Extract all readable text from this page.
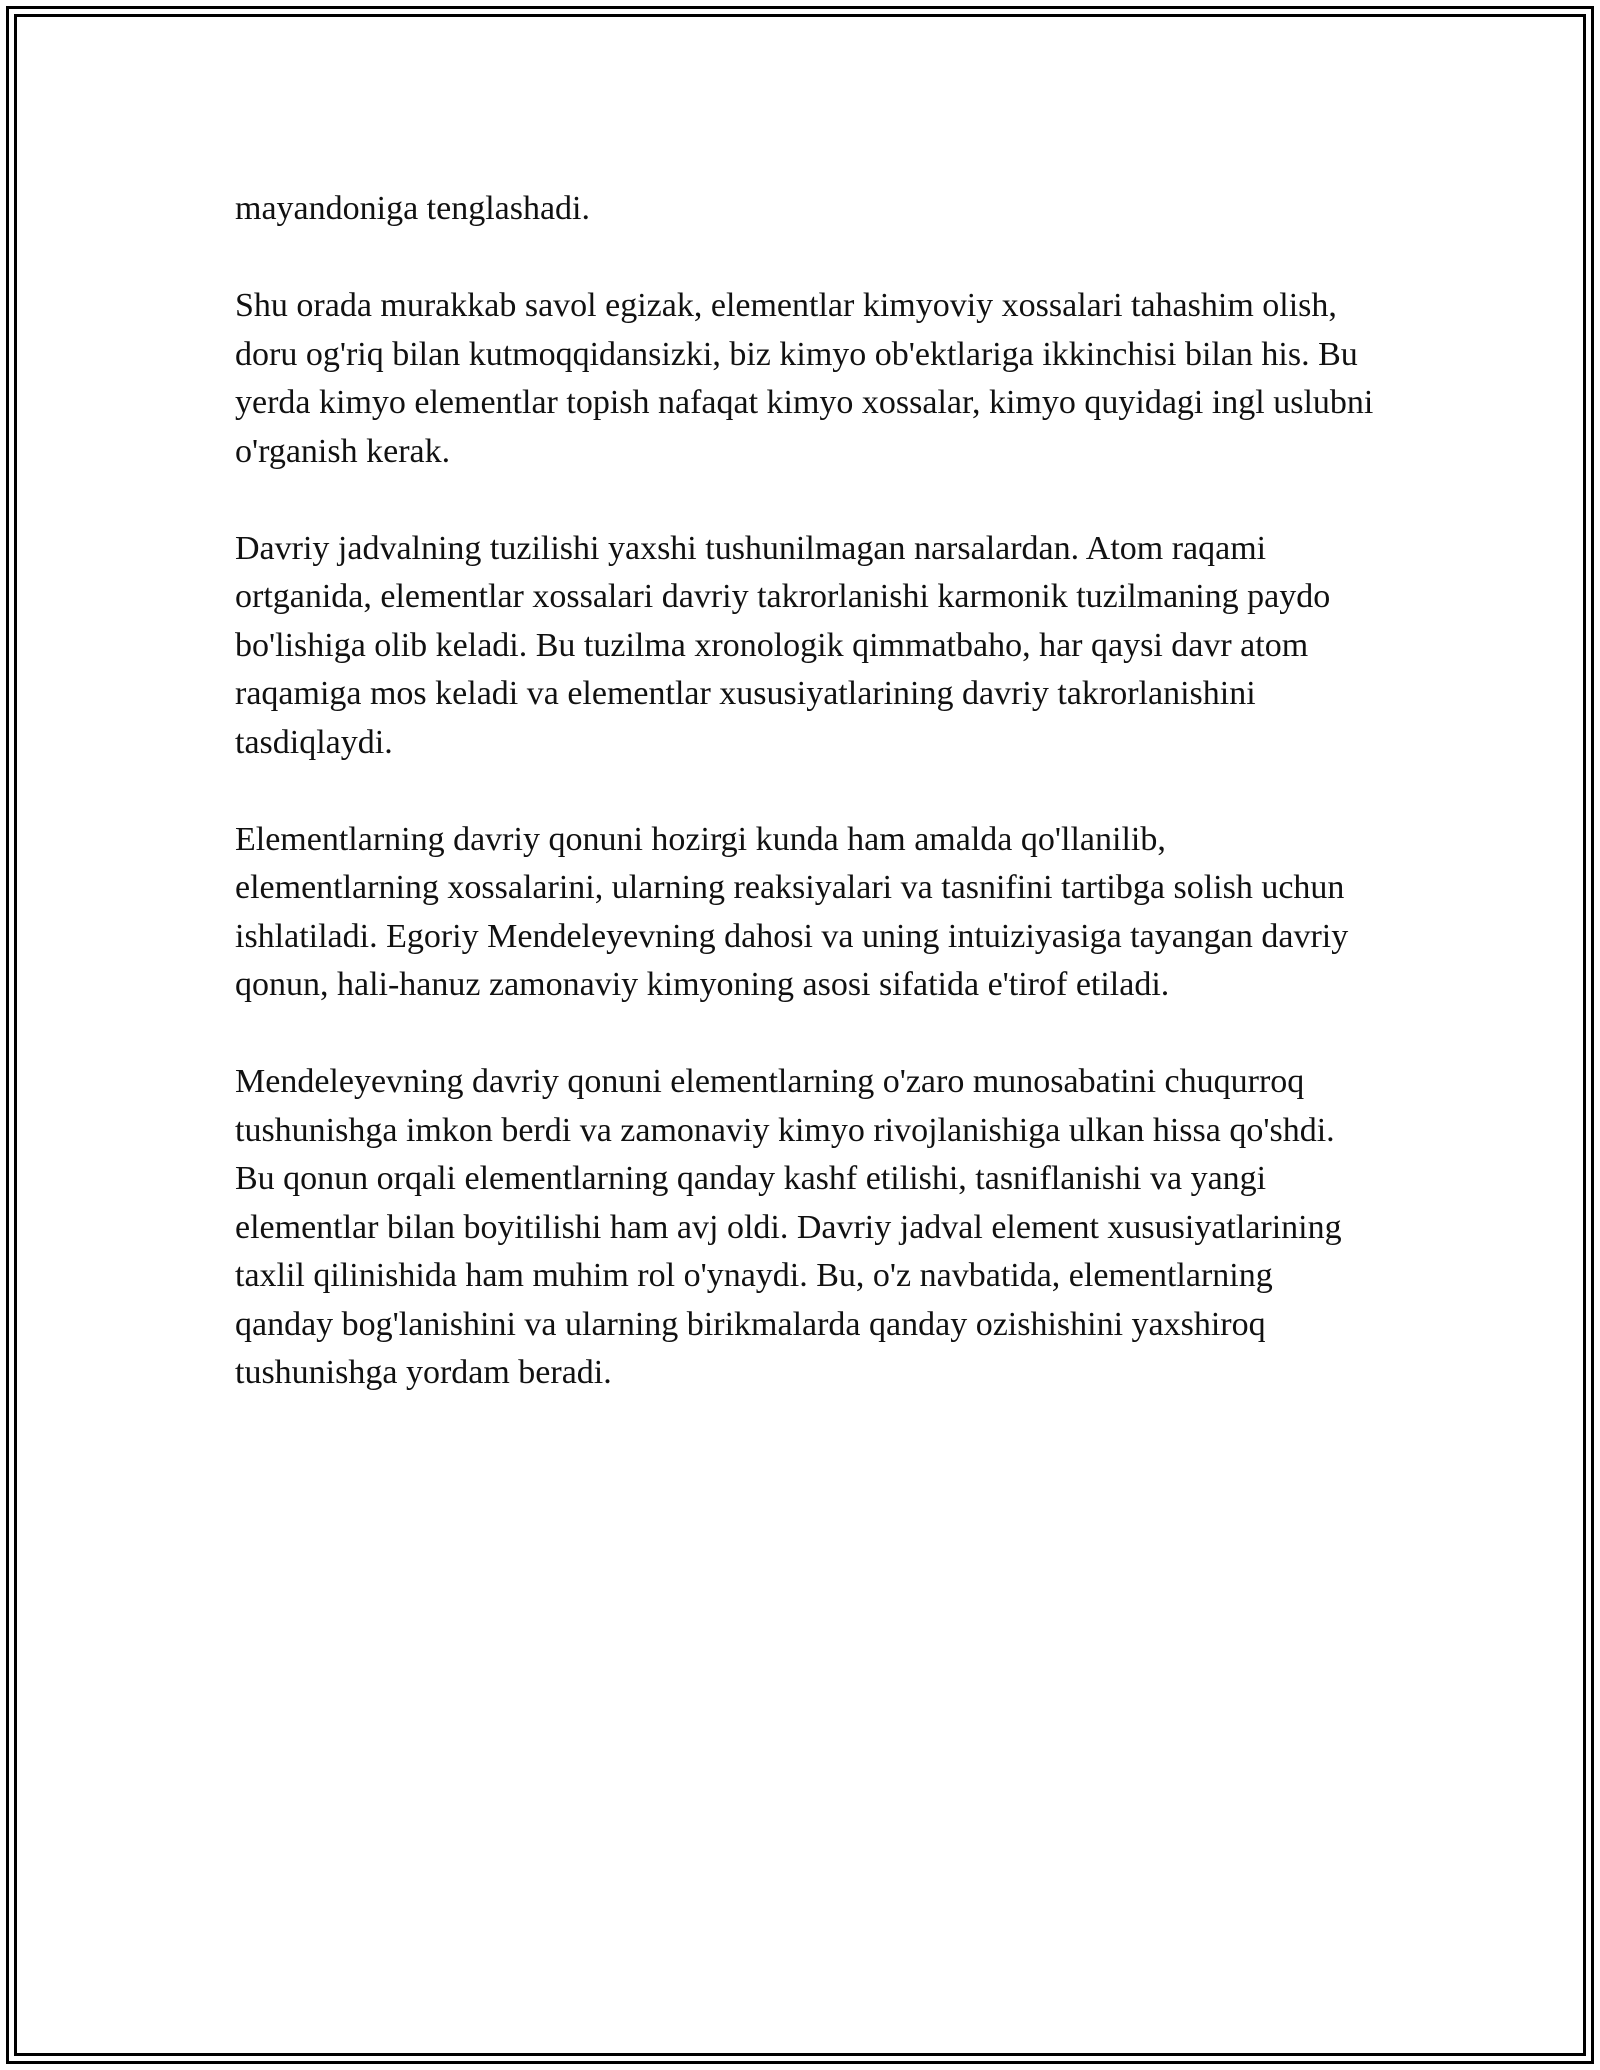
mayandoniga tenglashadi.

Shu orada murakkab savol egizak, elementlar kimyoviy xossalari tahashim olish, doru og'riq bilan kutmoqqidansizki, biz kimyo ob'ektlariga ikkinchisi bilan his. Bu yerda kimyo elementlar topish nafaqat kimyo xossalar, kimyo quyidagi ingl uslubni o'rganish kerak.

Davriy jadvalning tuzilishi yaxshi tushunilmagan narsalardan. Atom raqami ortganida, elementlar xossalari davriy takrorlanishi karmonik tuzilmaning paydo bo'lishiga olib keladi. Bu tuzilma xronologik qimmatbaho, har qaysi davr atom raqamiga mos keladi va elementlar xususiyatlarining davriy takrorlanishini tasdiqlaydi.

Elementlarning davriy qonuni hozirgi kunda ham amalda qo'llanilib, elementlarning xossalarini, ularning reaksiyalari va tasnifini tartibga solish uchun ishlatiladi. Egoriy Mendeleyevning dahosi va uning intuiziyasiga tayangan davriy qonun, hali-hanuz zamonaviy kimyoning asosi sifatida e'tirof etiladi.

Mendeleyevning davriy qonuni elementlarning o'zaro munosabatini chuqurroq tushunishga imkon berdi va zamonaviy kimyo rivojlanishiga ulkan hissa qo'shdi. Bu qonun orqali elementlarning qanday kashf etilishi, tasniflanishi va yangi elementlar bilan boyitilishi ham avj oldi. Davriy jadval element xususiyatlarining taxlil qilinishida ham muhim rol o'ynaydi. Bu, o'z navbatida, elementlarning qanday bog'lanishini va ularning birikmalarda qanday ozishishini yaxshiroq tushunishga yordam beradi.
